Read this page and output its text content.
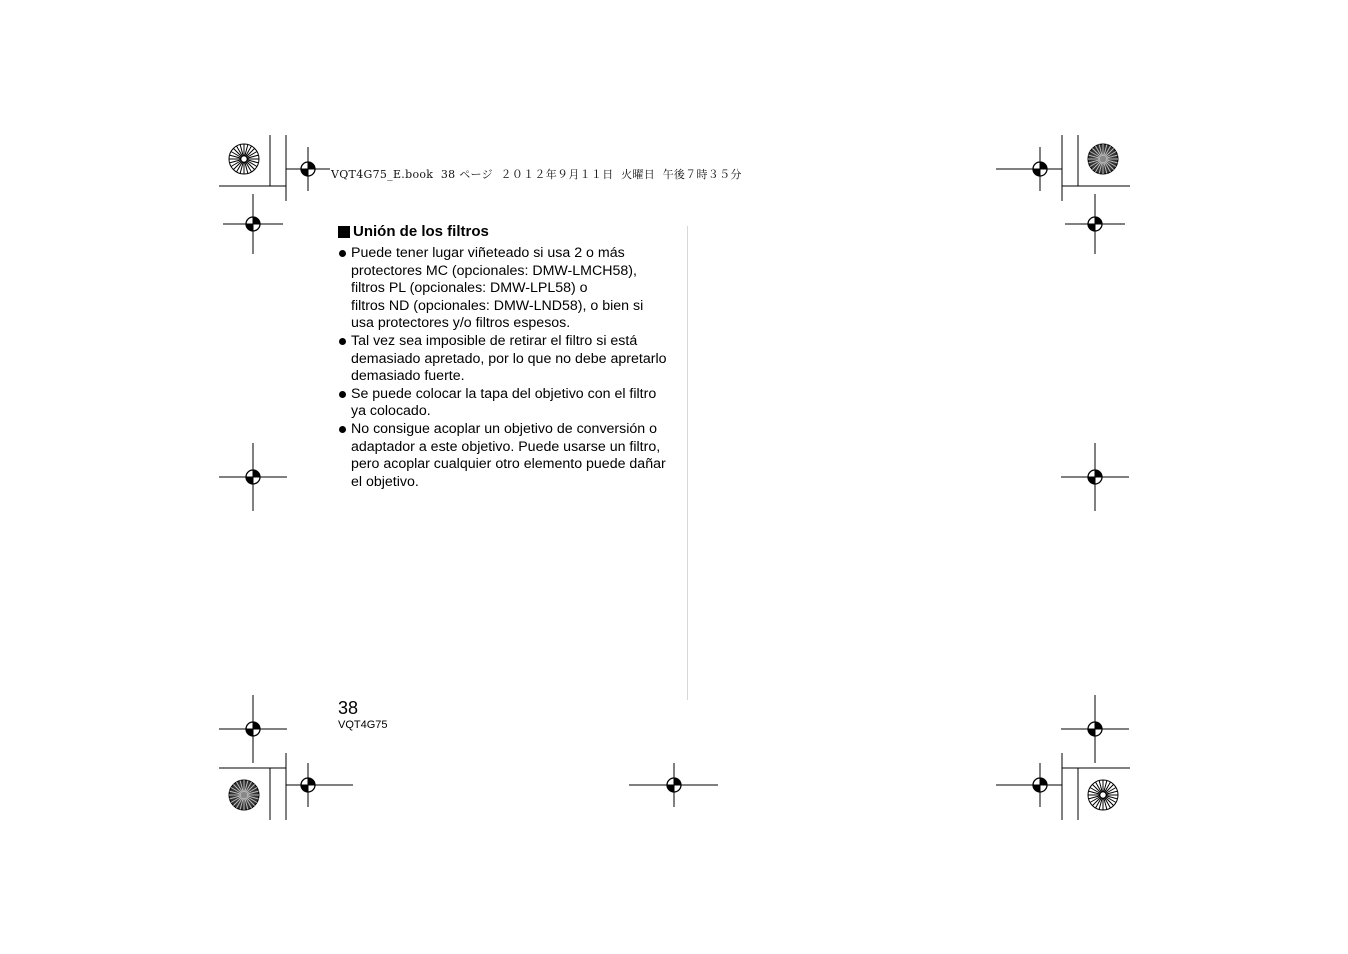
VQT4G75_E.book  38 ページ  ２０１２年９月１１日  火曜日  午後７時３５分
Unión de los filtros
Puede tener lugar viñeteado si usa 2 o más
protectores MC (opcionales: DMW-LMCH58),
filtros PL (opcionales: DMW-LPL58) o
filtros ND (opcionales: DMW-LND58), o bien si
usa protectores y/o filtros espesos.
Tal vez sea imposible de retirar el filtro si está
demasiado apretado, por lo que no debe apretarlo
demasiado fuerte.
Se puede colocar la tapa del objetivo con el filtro
ya colocado.
No consigue acoplar un objetivo de conversión o
adaptador a este objetivo. Puede usarse un filtro,
pero acoplar cualquier otro elemento puede dañar
el objetivo.
38
VQT4G75
